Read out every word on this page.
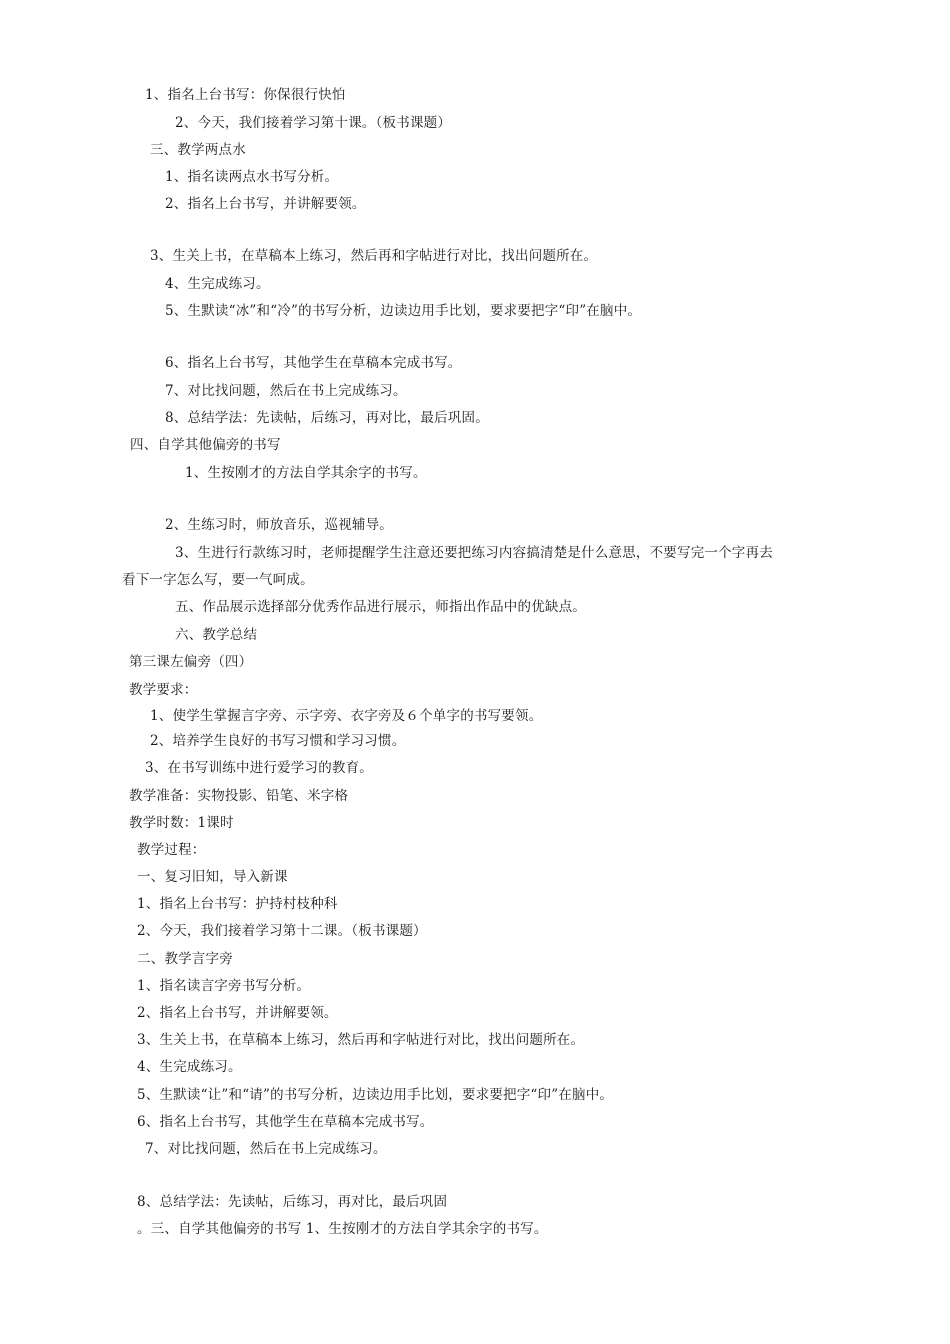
1、指名上台书写：你保很行快怕
2、今天，我们接着学习第十课。（板书课题）
三、教学两点水
1、指名读两点水书写分析。
2、指名上台书写，并讲解要领。
3、生关上书，在草稿本上练习，然后再和字帖进行对比，找出问题所在。
4、生完成练习。
5、生默读“冰”和“冷”的书写分析，边读边用手比划，要求要把字“印”在脑中。
6、指名上台书写，其他学生在草稿本完成书写。
7、对比找问题，然后在书上完成练习。
8、总结学法：先读帖，后练习，再对比，最后巩固。
四、自学其他偏旁的书写
1、生按刚才的方法自学其余字的书写。
2、生练习时，师放音乐，巡视辅导。
3、生进行行款练习时，老师提醒学生注意还要把练习内容搞清楚是什么意思，不要写完一个字再去
看下一字怎么写，要一气呵成。
五、作品展示选择部分优秀作品进行展示，师指出作品中的优缺点。
六、教学总结
第三课左偏旁（四）
教学要求：
1、使学生掌握言字旁、示字旁、衣字旁及６个单字的书写要领。
2、培养学生良好的书写习惯和学习习惯。
3、在书写训练中进行爱学习的教育。
教学准备：实物投影、铅笔、米字格
教学时数：1课时
教学过程：
一、复习旧知，导入新课
1、指名上台书写：护持村枝种科
2、今天，我们接着学习第十二课。（板书课题）
二、教学言字旁
1、指名读言字旁书写分析。
2、指名上台书写，并讲解要领。
3、生关上书，在草稿本上练习，然后再和字帖进行对比，找出问题所在。
4、生完成练习。
5、生默读“让”和“请”的书写分析，边读边用手比划，要求要把字“印”在脑中。
6、指名上台书写，其他学生在草稿本完成书写。
7、对比找问题，然后在书上完成练习。
8、总结学法：先读帖，后练习，再对比，最后巩固
。三、自学其他偏旁的书写 1、生按刚才的方法自学其余字的书写。
